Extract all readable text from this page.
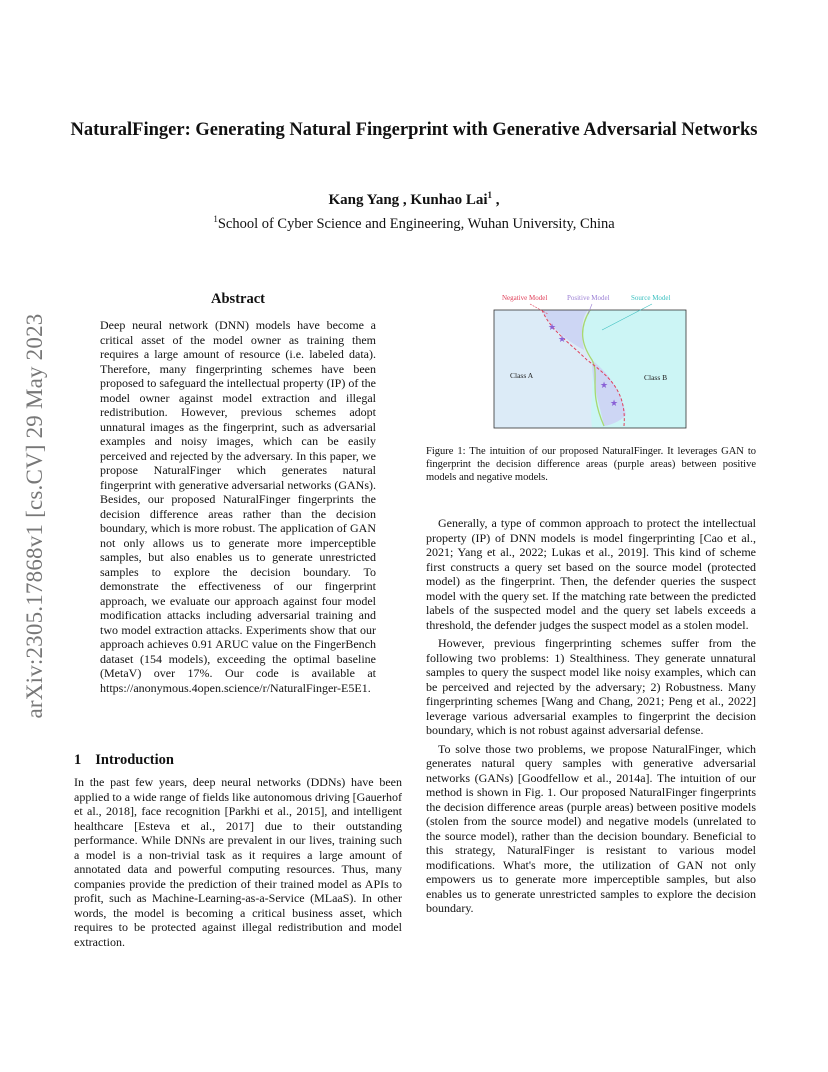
NaturalFinger: Generating Natural Fingerprint with Generative Adversarial Networks
Kang Yang , Kunhao Lai$^1$ ,
$^1$School of Cyber Science and Engineering, Wuhan University, China
arXiv:2305.17868v1 [cs.CV] 29 May 2023
Abstract

Deep neural network (DNN) models have become a critical asset of the model owner as training them requires a large amount of resource (i.e. labeled data). Therefore, many fingerprinting schemes have been proposed to safeguard the intellectual property (IP) of the model owner against model extraction and illegal redistribution. However, previous schemes adopt unnatural images as the fingerprint, such as adversarial examples and noisy images, which can be easily perceived and rejected by the adversary. In this paper, we propose NaturalFinger which generates natural fingerprint with generative adversarial networks (GANs). Besides, our proposed NaturalFinger fingerprints the decision difference areas rather than the decision boundary, which is more robust. The application of GAN not only allows us to generate more imperceptible samples, but also enables us to generate unrestricted samples to explore the decision boundary. To demonstrate the effectiveness of our fingerprint approach, we evaluate our approach against four model modification attacks including adversarial training and two model extraction attacks. Experiments show that our approach achieves 0.91 ARUC value on the FingerBench dataset (154 models), exceeding the optimal baseline (MetaV) over 17%. Our code is available at https://anonymous.4open.science/r/NaturalFinger-E5E1.

1 Introduction

In the past few years, deep neural networks (DDNs) have been applied to a wide range of fields like autonomous driving [Gauerhof et al., 2018], face recognition [Parkhi et al., 2015], and intelligent healthcare [Esteva et al., 2017] due to their outstanding performance. While DNNs are prevalent in our lives, training such a model is a non-trivial task as it requires a large amount of annotated data and powerful computing resources. Thus, many companies provide the prediction of their trained model as APIs to profit, such as Machine-Learning-as-a-Service (MLaaS). In other words, the model is becoming a critical business asset, which requires to be protected against illegal redistribution and model extraction.

★
★
★
★
Negative Model	Positive Model	Source Model
Class A	Class B

Figure 1: The intuition of our proposed NaturalFinger. It leverages GAN to fingerprint the decision difference areas (purple areas) between positive models and negative models.

Generally, a type of common approach to protect the intellectual property (IP) of DNN models is model fingerprinting [Cao et al., 2021; Yang et al., 2022; Lukas et al., 2019]. This kind of scheme first constructs a query set based on the source model (protected model) as the fingerprint. Then, the defender queries the suspect model with the query set. If the matching rate between the predicted labels of the suspected model and the query set labels exceeds a threshold, the defender judges the suspect model as a stolen model.

However, previous fingerprinting schemes suffer from the following two problems: 1) Stealthiness. They generate unnatural samples to query the suspect model like noisy examples, which can be perceived and rejected by the adversary; 2) Robustness. Many fingerprinting schemes [Wang and Chang, 2021; Peng et al., 2022] leverage various adversarial examples to fingerprint the decision boundary, which is not robust against adversarial defense.

To solve those two problems, we propose NaturalFinger, which generates natural query samples with generative adversarial networks (GANs) [Goodfellow et al., 2014a]. The intuition of our method is shown in Fig. 1. Our proposed NaturalFinger fingerprints the decision difference areas (purple areas) between positive models (stolen from the source model) and negative models (unrelated to the source model), rather than the decision boundary. Beneficial to this strategy, NaturalFinger is resistant to various model modifications. What's more, the utilization of GAN not only empowers us to generate more imperceptible samples, but also enables us to generate unrestricted samples to explore the decision boundary.
